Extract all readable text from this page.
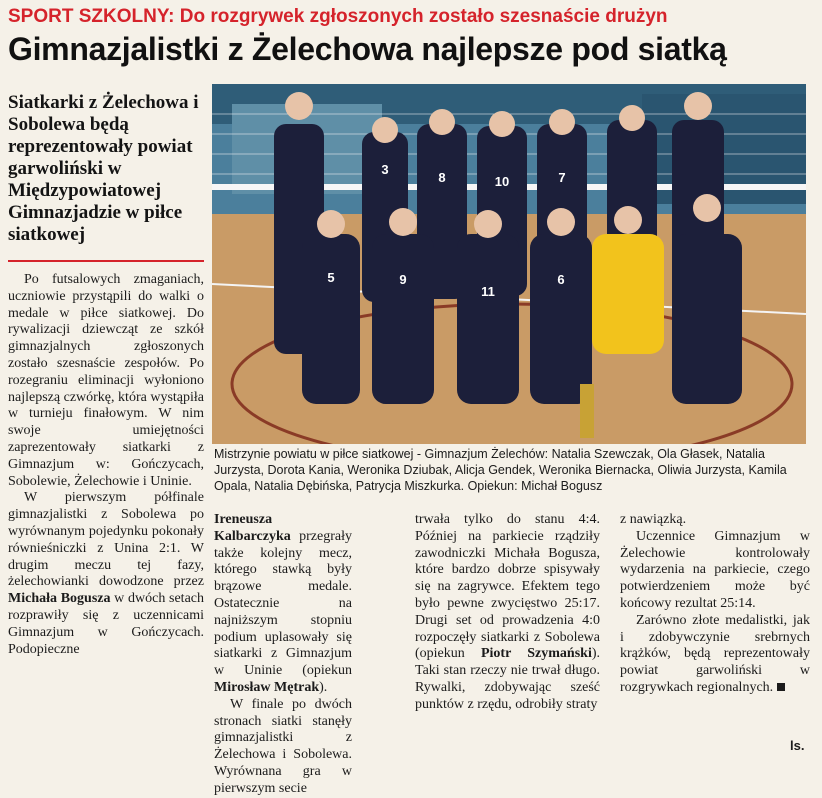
SPORT SZKOLNY: Do rozgrywek zgłoszonych zostało szesnaście drużyn
Gimnazjalistki z Żelechowa najlepsze pod siatką
Siatkarki z Żelechowa i Sobolewa będą reprezentowały powiat garwoliński w Międzypowiatowej Gimnazjadzie w piłce siatkowej

Po futsalowych zmaganiach, uczniowie przystąpili do walki o medale w piłce siatkowej. Do rywalizacji dziewcząt ze szkół gimnazjalnych zgłoszonych zostało szesnaście zespołów. Po rozegraniu eliminacji wyłoniono najlepszą czwórkę, która wystąpiła w turnieju finałowym. W nim swoje umiejętności zaprezentowały siatkarki z Gimnazjum w: Gończycach, Sobolewie, Żelechowie i Uninie.

W pierwszym półfinale gimnazjalistki z Sobolewa po wyrównanym pojedynku pokonały równieśniczki z Unina 2:1. W drugim meczu tej fazy, żelechowianki dowodzone przez Michała Bogusza w dwóch setach rozprawiły się z uczennicami Gimnazjum w Gończycach. Podopieczne

3
8	10	7
5	9
11
6
Mistrzynie powiatu w piłce siatkowej - Gimnazjum Żelechów: Natalia Szewczak, Ola Głasek, Natalia Jurzysta, Dorota Kania, Weronika Dziubak, Alicja Gendek, Weronika Biernacka, Oliwia Jurzysta, Kamila Opala, Natalia Dębińska, Patrycja Miszkurka. Opiekun: Michał Bogusz

Ireneusza Kalbarczyka przegrały także kolejny mecz, którego stawką były brązowe medale. Ostatecznie na najniższym stopniu podium uplasowały się siatkarki z Gimnazjum w Uninie (opiekun Mirosław Mętrak).

W finale po dwóch stronach siatki stanęły gimnazjalistki z Żelechowa i Sobolewa. Wyrównana gra w pierwszym secie

trwała tylko do stanu 4:4. Później na parkiecie rządziły zawodniczki Michała Bogusza, które bardzo dobrze spisywały się na zagrywce. Efektem tego było pewne zwycięstwo 25:17. Drugi set od prowadzenia 4:0 rozpoczęły siatkarki z Sobolewa (opiekun Piotr Szymański). Taki stan rzeczy nie trwał długo. Rywalki, zdobywając sześć punktów z rzędu, odrobiły straty

z nawiązką.

Uczennice Gimnazjum w Żelechowie kontrolowały wydarzenia na parkiecie, czego potwierdzeniem może być końcowy rezultat 25:14.

Zarówno złote medalistki, jak i zdobywczynie srebrnych krążków, będą reprezentowały powiat garwoliński w rozgrywkach regionalnych.

ls.
